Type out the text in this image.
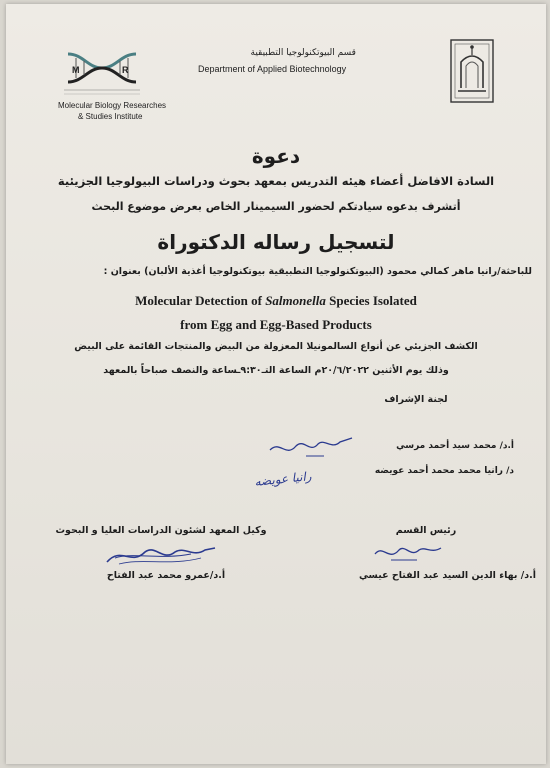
M	R
Molecular Biology Researches
& Studies Institute
قسم البيوتكنولوجيا التطبيقية
Department of Applied Biotechnology
دعوة
السادة الافاضل أعضاء هيئه التدريس بمعهد بحوث ودراسات البيولوجيا الجزيئية
أتشرف بدعوه سيادتكم لحضور السيمينار الخاص بعرض موضوع البحث
لتسجيل رساله الدكتوراة
للباحثة/رانيا ماهر كمالي محمود (البيوتكنولوجيا التطبيقية بيوتكنولوجيا أغذية الألبان) بعنوان :
Molecular Detection of Salmonella Species Isolated
from Egg and Egg-Based Products
الكشف الجزيئي عن أنواع السالمونيلا المعزولة من البيض والمنتجات القائمة على البيض
وذلك يوم الأثنين ٢٠/٦/٢٠٢٢م الساعة التـ٩:٣٠ـساعة والنصف صباحاً بالمعهد
لجنة الإشراف
أ.د/ محمد سيد أحمد مرسي
د/ رانيا محمد محمد أحمد عويضه
رانيا عويضه
رئيس القسم
أ.د/ بهاء الدين السيد عبد الفتاح عيسي
وكيل المعهد لشئون الدراسات العليا و البحوث
أ.د/عمرو محمد عبد الفتاح
